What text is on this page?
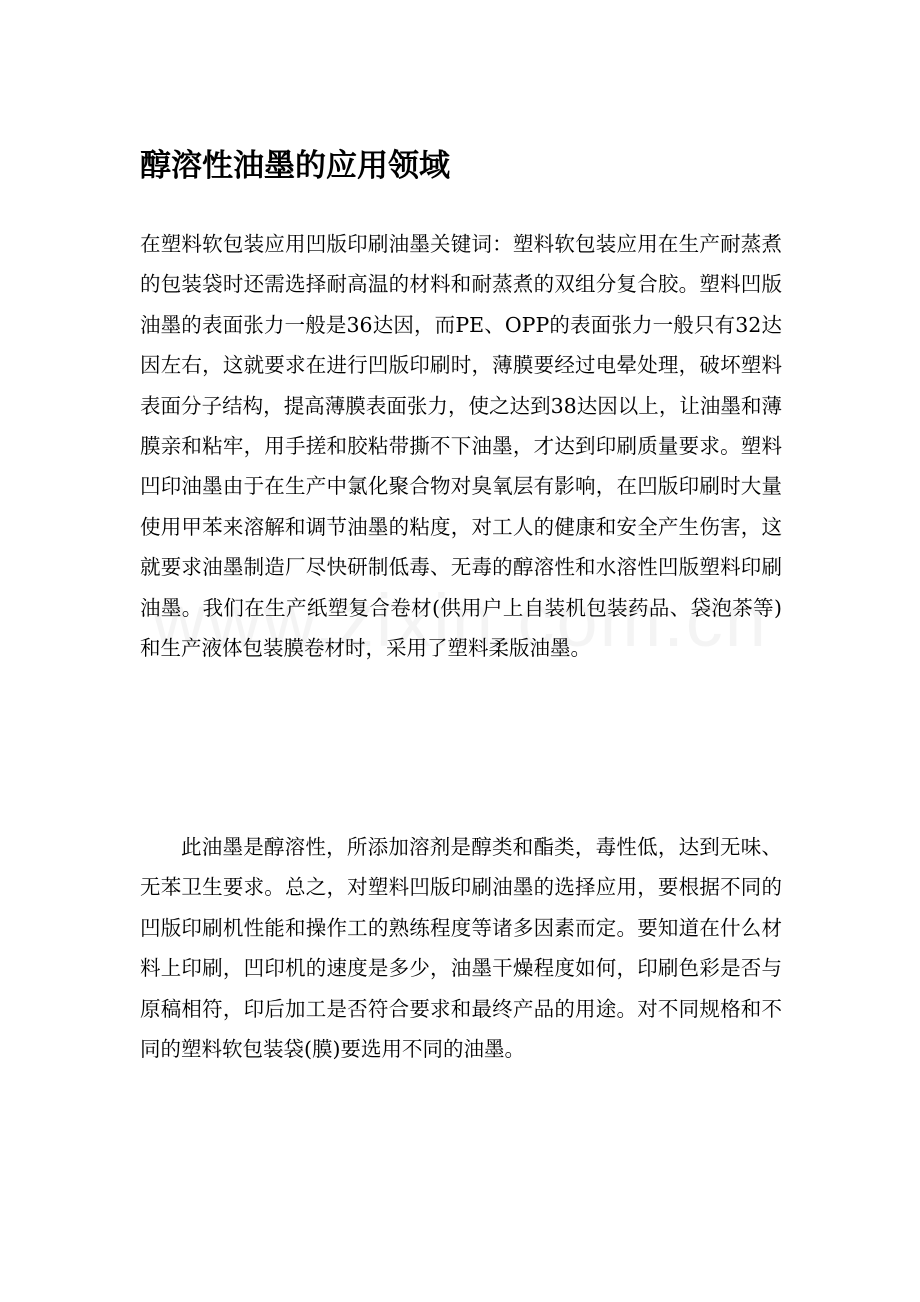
醇溶性油墨的应用领域

在塑料软包装应用凹版印刷油墨关键词：塑料软包装应用在生产耐蒸煮的包装袋时还需选择耐高温的材料和耐蒸煮的双组分复合胶。塑料凹版油墨的表面张力一般是36达因，而PE、OPP的表面张力一般只有32达因左右，这就要求在进行凹版印刷时，薄膜要经过电晕处理，破坏塑料表面分子结构，提高薄膜表面张力，使之达到38达因以上，让油墨和薄膜亲和粘牢，用手搓和胶粘带撕不下油墨，才达到印刷质量要求。塑料凹印油墨由于在生产中氯化聚合物对臭氧层有影响，在凹版印刷时大量使用甲苯来溶解和调节油墨的粘度，对工人的健康和安全产生伤害，这就要求油墨制造厂尽快研制低毒、无毒的醇溶性和水溶性凹版塑料印刷油墨。我们在生产纸塑复合卷材(供用户上自装机包装药品、袋泡茶等)和生产液体包装膜卷材时，采用了塑料柔版油墨。

此油墨是醇溶性，所添加溶剂是醇类和酯类，毒性低，达到无味、无苯卫生要求。总之，对塑料凹版印刷油墨的选择应用，要根据不同的凹版印刷机性能和操作工的熟练程度等诸多因素而定。要知道在什么材料上印刷，凹印机的速度是多少，油墨干燥程度如何，印刷色彩是否与原稿相符，印后加工是否符合要求和最终产品的用途。对不同规格和不同的塑料软包装袋(膜)要选用不同的油墨。
